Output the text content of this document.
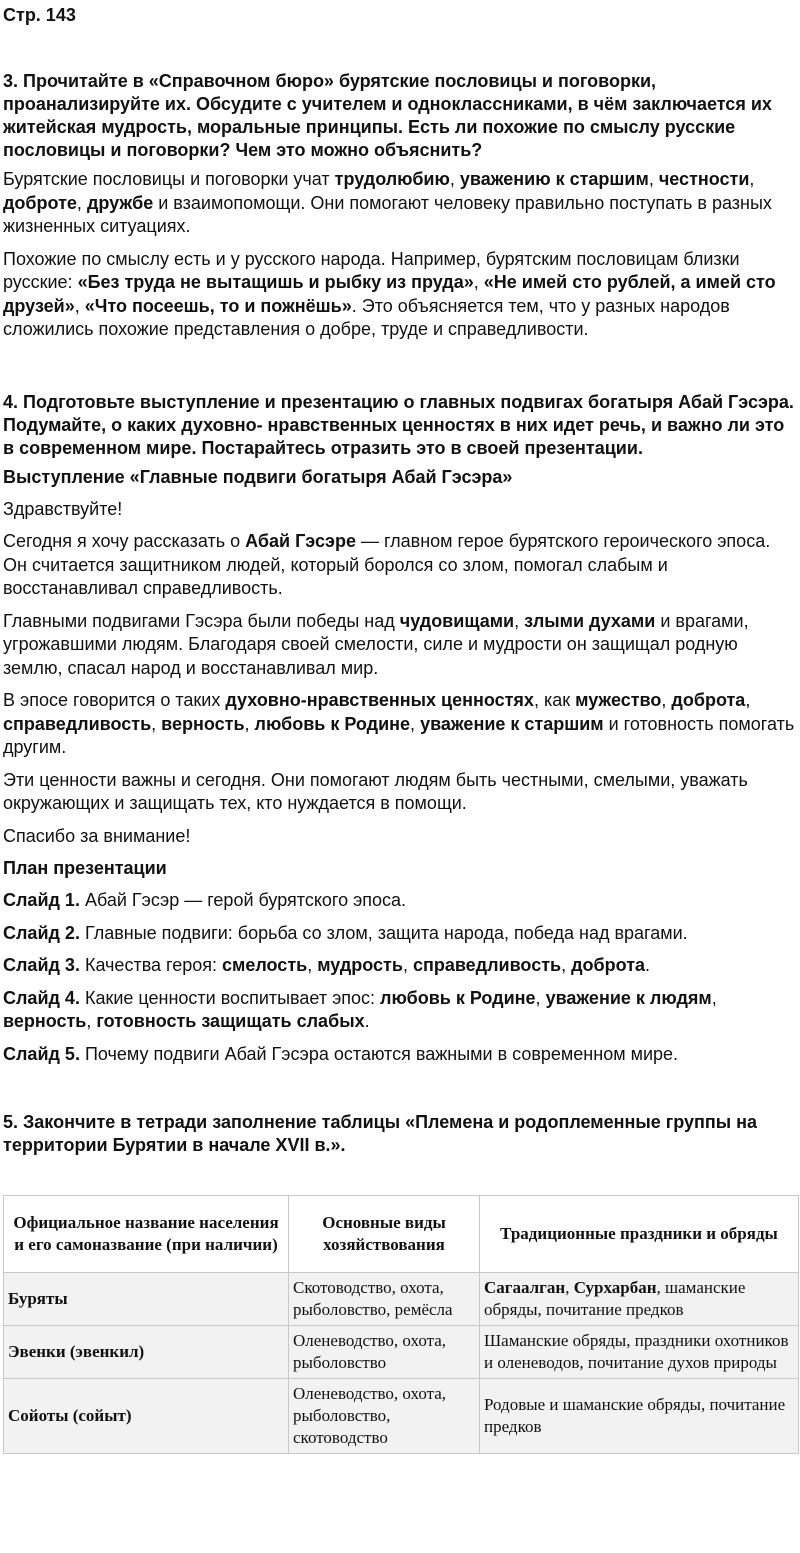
Стр. 143
3. Прочитайте в «Справочном бюро» бурятские пословицы и поговорки, проанализируйте их. Обсудите с учителем и одноклассниками, в чём заключается их житейская мудрость, моральные принципы. Есть ли похожие по смыслу русские пословицы и поговорки? Чем это можно объяснить?

Бурятские пословицы и поговорки учат трудолюбию, уважению к старшим, честности, доброте, дружбе и взаимопомощи. Они помогают человеку правильно поступать в разных жизненных ситуациях.

Похожие по смыслу есть и у русского народа. Например, бурятским пословицам близки русские: «Без труда не вытащишь и рыбку из пруда», «Не имей сто рублей, а имей сто друзей», «Что посеешь, то и пожнёшь». Это объясняется тем, что у разных народов сложились похожие представления о добре, труде и справедливости.

4. Подготовьте выступление и презентацию о главных подвигах богатыря Абай Гэсэра. Подумайте, о каких духовно- нравственных ценностях в них идет речь, и важно ли это в современном мире. Постарайтесь отразить это в своей презентации.
Выступление «Главные подвиги богатыря Абай Гэсэра»

Здравствуйте!

Сегодня я хочу рассказать о Абай Гэсэре — главном герое бурятского героического эпоса. Он считается защитником людей, который боролся со злом, помогал слабым и восстанавливал справедливость.

Главными подвигами Гэсэра были победы над чудовищами, злыми духами и врагами, угрожавшими людям. Благодаря своей смелости, силе и мудрости он защищал родную землю, спасал народ и восстанавливал мир.

В эпосе говорится о таких духовно-нравственных ценностях, как мужество, доброта, справедливость, верность, любовь к Родине, уважение к старшим и готовность помогать другим.

Эти ценности важны и сегодня. Они помогают людям быть честными, смелыми, уважать окружающих и защищать тех, кто нуждается в помощи.

Спасибо за внимание!

План презентации

Слайд 1. Абай Гэсэр — герой бурятского эпоса.

Слайд 2. Главные подвиги: борьба со злом, защита народа, победа над врагами.

Слайд 3. Качества героя: смелость, мудрость, справедливость, доброта.

Слайд 4. Какие ценности воспитывает эпос: любовь к Родине, уважение к людям, верность, готовность защищать слабых.

Слайд 5. Почему подвиги Абай Гэсэра остаются важными в современном мире.

5. Закончите в тетради заполнение таблицы «Племена и родоплеменные группы на территории Бурятии в начале XVII в.».
Официальное название населения и его самоназвание (при наличии)	Основные виды хозяйствования	Традиционные праздники и обряды
Буряты	Скотоводство, охота, рыболовство, ремёсла	Сагаалган, Сурхарбан, шаманские обряды, почитание предков
Эвенки (эвенкил)	Оленеводство, охота, рыболовство	Шаманские обряды, праздники охотников и оленеводов, почитание духов природы
Сойоты (сойыт)	Оленеводство, охота, рыболовство, скотоводство	Родовые и шаманские обряды, почитание предков
